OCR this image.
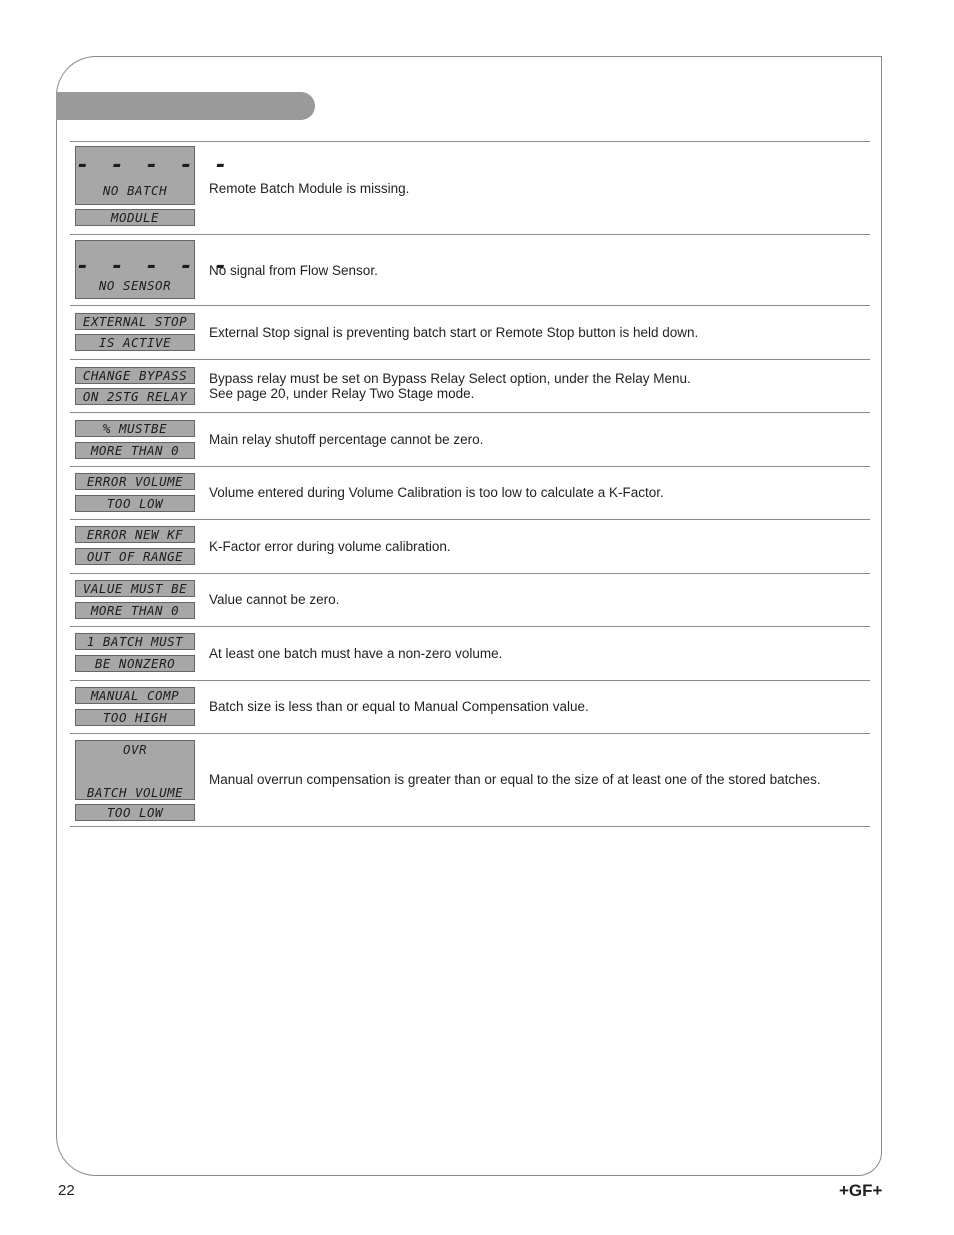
- - - - -
NO BATCH
MODULE
Remote Batch Module is missing.
- - - - -
NO SENSOR
No signal from Flow Sensor.
EXTERNAL STOP
IS ACTIVE
External Stop signal is preventing batch start or Remote Stop button is held down.
CHANGE BYPASS
ON 2STG RELAY
Bypass relay must be set on Bypass Relay Select option, under the Relay Menu.
See page 20, under Relay Two Stage mode.
% MUSTBE
MORE THAN 0
Main relay shutoff percentage cannot be zero.
ERROR VOLUME
TOO LOW
Volume entered during Volume Calibration is too low to calculate a K-Factor.
ERROR NEW KF
OUT OF RANGE
K-Factor error during volume calibration.
VALUE MUST BE
MORE THAN 0
Value cannot be zero.
1 BATCH MUST
BE NONZERO
At least one batch must have a non-zero volume.
MANUAL COMP
TOO HIGH
Batch size is less than or equal to Manual Compensation value.
OVR
BATCH VOLUME
TOO LOW
Manual overrun compensation is greater than or equal to the size of at least one of the stored batches.
22	+GF+
